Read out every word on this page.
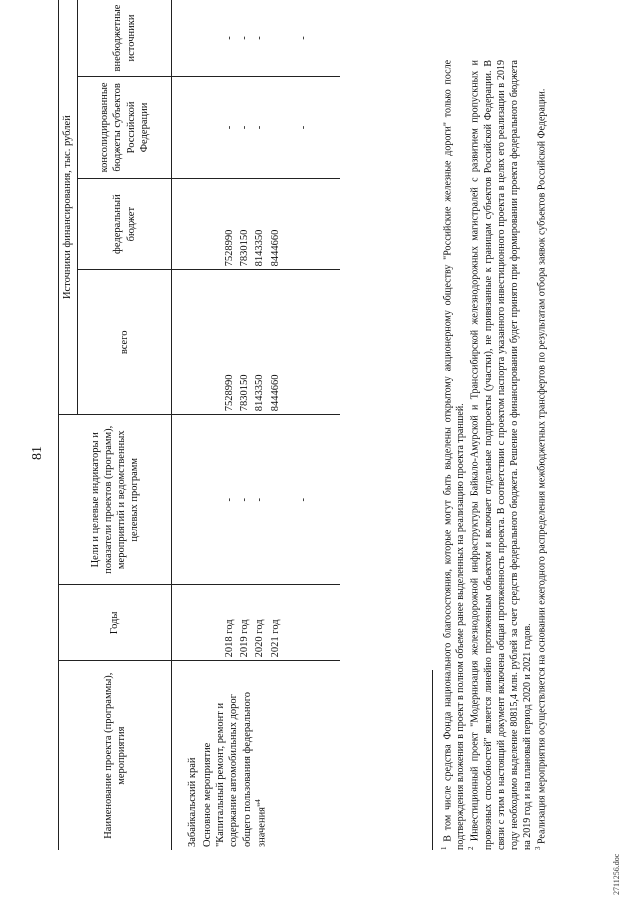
81
Наименование проекта (программы), мероприятия	Годы	Цели и целевые индикаторы и показатели проектов (программ), мероприятий и ведомственных целевых программ	Источники финансирования, тыс. рублей			
			всего	федеральный бюджет	консолидированные бюджеты субъектов Российской Федерации	внебюджетные источники
Забайкальский край						

Основное мероприятие "Капитальный ремонт, ремонт и содержание автомобильных дорог общего пользования федерального значения"$^4$

	2018 год	-	7528990	7528990	-	-
	2019 год	-	7830150	7830150	-	-
	2020 год	-	8143350	8143350	-	-
	2021 год	-	8444660	8444660	-	-

$^1$ В том числе средства Фонда национального благосостояния, которые могут быть выделены открытому акционерному обществу "Российские железные дороги" только после подтверждения вложения в проект в полном объеме ранее выделенных на реализацию проекта траншей. $^2$ Инвестиционный проект "Модернизация железнодорожной инфраструктуры Байкало-Амурской и Транссибирской железнодорожных магистралей с развитием пропускных и провозных способностей" является линейно протяженным объектом и включает отдельные подпроекты (участки), не привязанные к границам субъектов Российской Федерации. В связи с этим в настоящий документ включена общая протяженность проекта. В соответствии с проектом паспорта указанного инвестиционного проекта в целях его реализации в 2019 году необходимо выделение 80815,4 млн. рублей за счет средств федерального бюджета. Решение о финансировании будет принято при формировании проекта федерального бюджета на 2019 год и на плановый период 2020 и 2021 годов. $^3$ Реализация мероприятия осуществляется на основании ежегодного распределения межбюджетных трансфертов по результатам отбора заявок субъектов Российской Федерации.

2711256.doc
